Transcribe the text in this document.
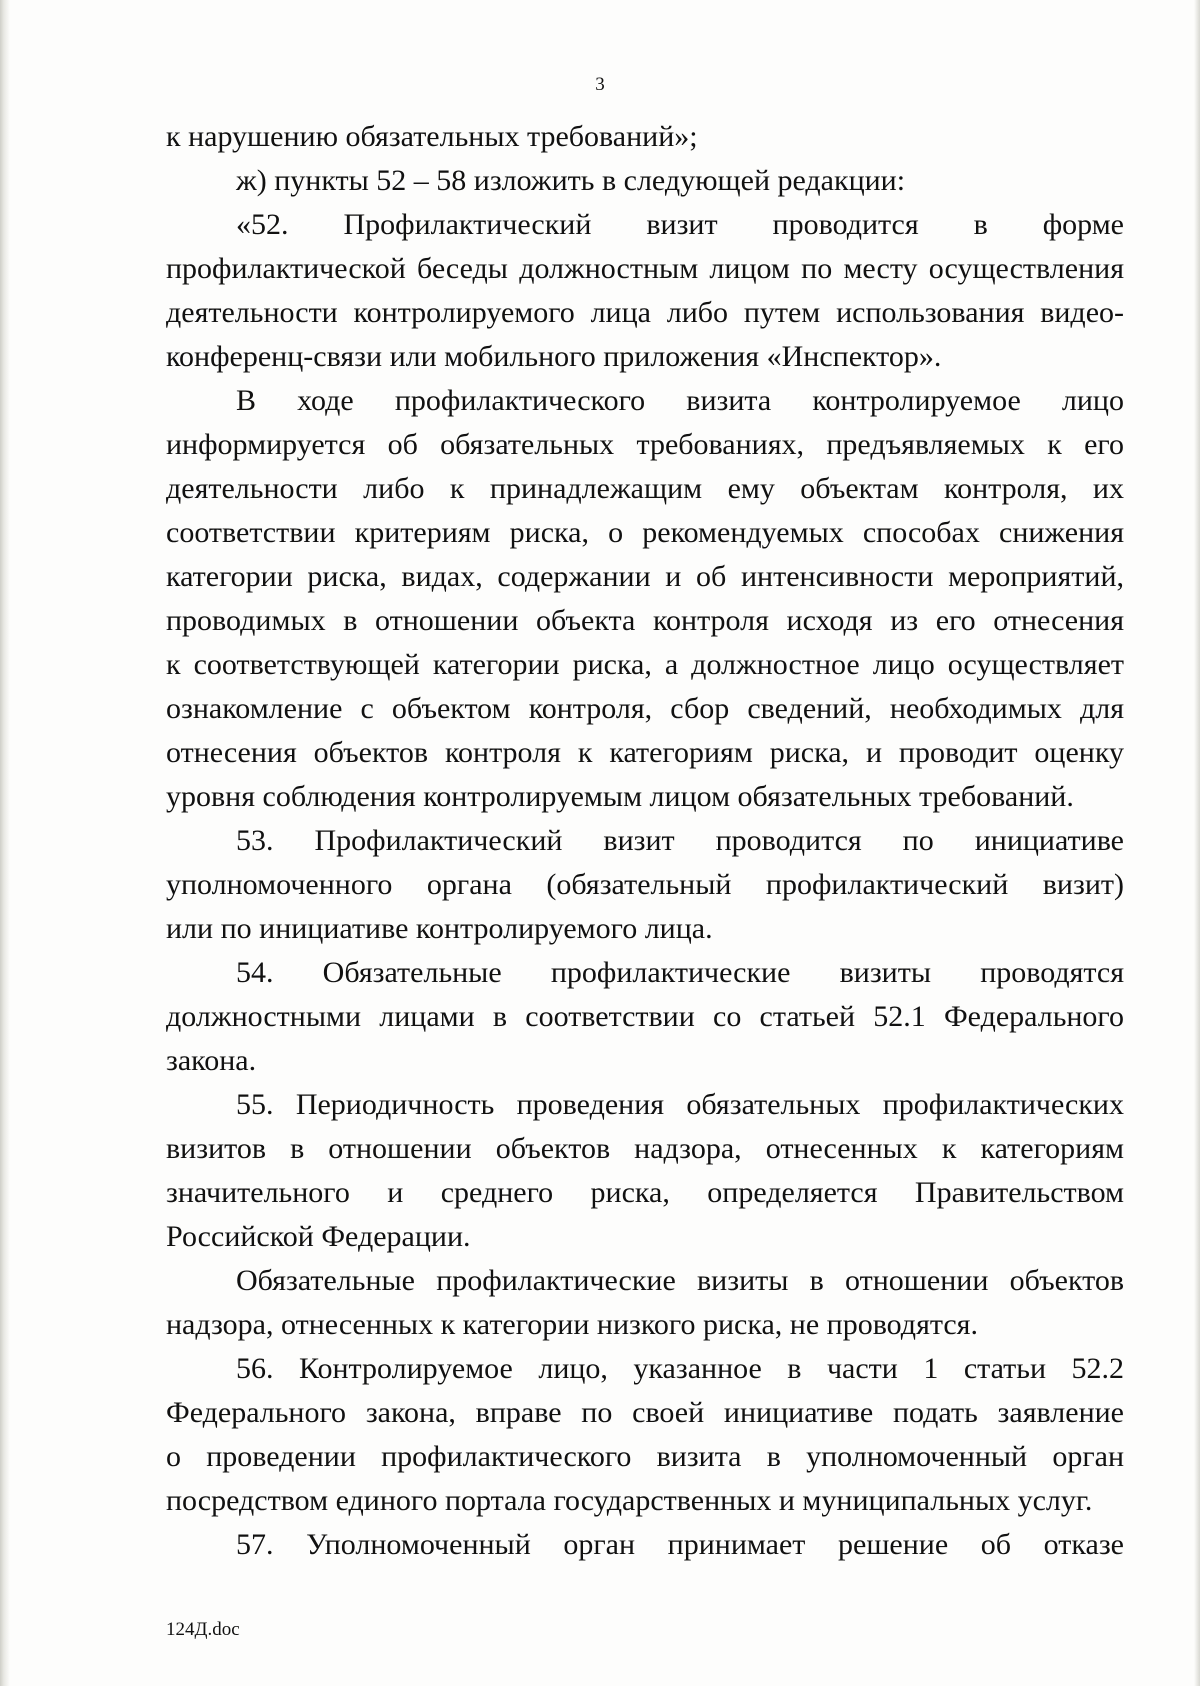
3
к нарушению обязательных требований»;
ж) пункты 52 – 58 изложить в следующей редакции:
«52. Профилактический визит проводится в форме
профилактической беседы должностным лицом по месту осуществления
деятельности контролируемого лица либо путем использования видео-
конференц-связи или мобильного приложения «Инспектор».
В ходе профилактического визита контролируемое лицо
информируется об обязательных требованиях, предъявляемых к его
деятельности либо к принадлежащим ему объектам контроля, их
соответствии критериям риска, о рекомендуемых способах снижения
категории риска, видах, содержании и об интенсивности мероприятий,
проводимых в отношении объекта контроля исходя из его отнесения
к соответствующей категории риска, а должностное лицо осуществляет
ознакомление с объектом контроля, сбор сведений, необходимых для
отнесения объектов контроля к категориям риска, и проводит оценку
уровня соблюдения контролируемым лицом обязательных требований.
53. Профилактический визит проводится по инициативе
уполномоченного органа (обязательный профилактический визит)
или по инициативе контролируемого лица.
54. Обязательные профилактические визиты проводятся
должностными лицами в соответствии со статьей 52.1 Федерального
закона.
55. Периодичность проведения обязательных профилактических
визитов в отношении объектов надзора, отнесенных к категориям
значительного и среднего риска, определяется Правительством
Российской Федерации.
Обязательные профилактические визиты в отношении объектов
надзора, отнесенных к категории низкого риска, не проводятся.
56. Контролируемое лицо, указанное в части 1 статьи 52.2
Федерального закона, вправе по своей инициативе подать заявление
о проведении профилактического визита в уполномоченный орган
посредством единого портала государственных и муниципальных услуг.
57. Уполномоченный орган принимает решение об отказе
124Д.doc
